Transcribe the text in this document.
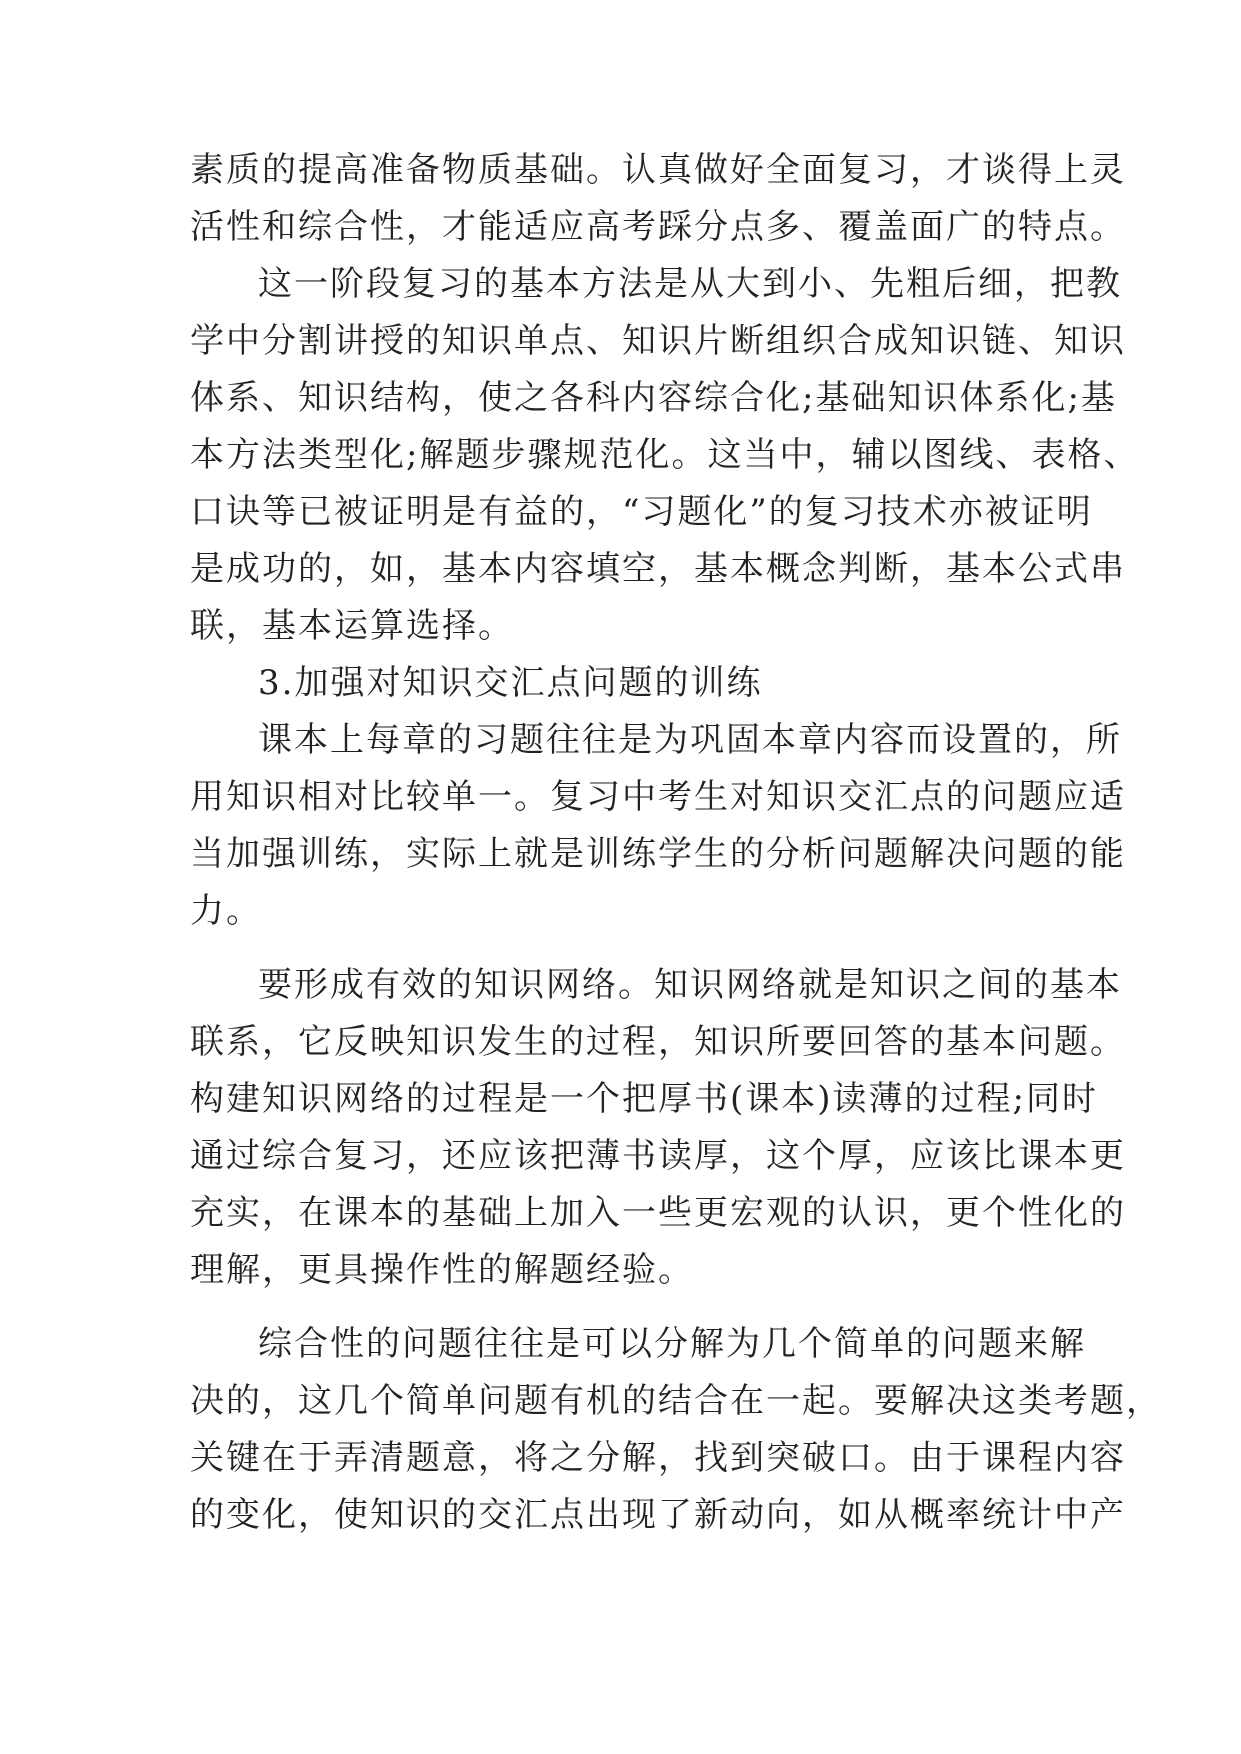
素质的提高准备物质基础。认真做好全面复习，才谈得上灵
活性和综合性，才能适应高考踩分点多、覆盖面广的特点。
这一阶段复习的基本方法是从大到小、先粗后细，把教
学中分割讲授的知识单点、知识片断组织合成知识链、知识
体系、知识结构，使之各科内容综合化;基础知识体系化;基
本方法类型化;解题步骤规范化。这当中，辅以图线、表格、
口诀等已被证明是有益的，“习题化”的复习技术亦被证明
是成功的，如，基本内容填空，基本概念判断，基本公式串
联，基本运算选择。
3.加强对知识交汇点问题的训练
课本上每章的习题往往是为巩固本章内容而设置的，所
用知识相对比较单一。复习中考生对知识交汇点的问题应适
当加强训练，实际上就是训练学生的分析问题解决问题的能
力。
要形成有效的知识网络。知识网络就是知识之间的基本
联系，它反映知识发生的过程，知识所要回答的基本问题。
构建知识网络的过程是一个把厚书(课本)读薄的过程;同时
通过综合复习，还应该把薄书读厚，这个厚，应该比课本更
充实，在课本的基础上加入一些更宏观的认识，更个性化的
理解，更具操作性的解题经验。
综合性的问题往往是可以分解为几个简单的问题来解
决的，这几个简单问题有机的结合在一起。要解决这类考题，
关键在于弄清题意，将之分解，找到突破口。由于课程内容
的变化，使知识的交汇点出现了新动向，如从概率统计中产
